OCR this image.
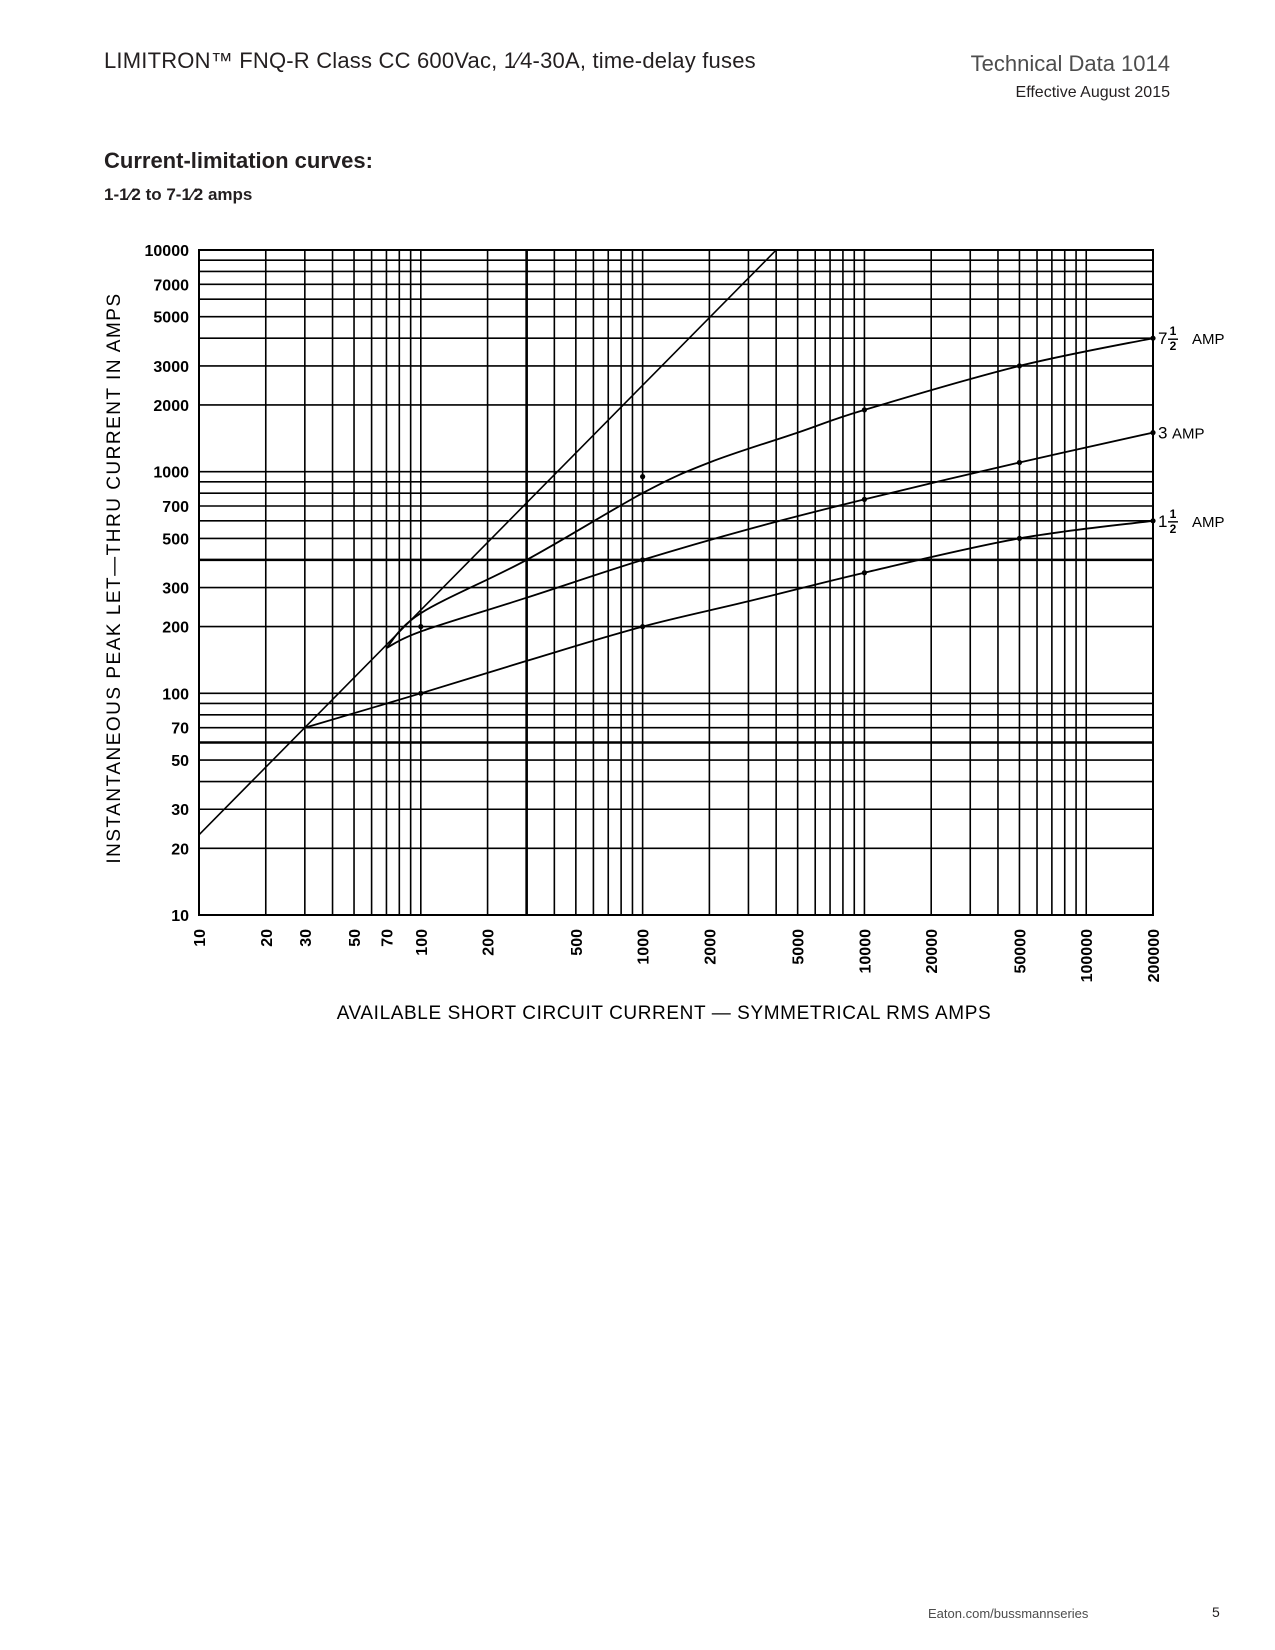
LIMITRON™ FNQ-R Class CC 600Vac, 1⁄4-30A, time-delay fuses	Technical Data 1014
Effective August 2015
Current-limitation curves:
1-1⁄2 to 7-1⁄2 amps
10
20
30
50
70
100
200
300
500
700
1000
2000
3000
5000
7000
10000
10	20 30 50 70 100	200	500	1000	2000	5000	10000	20000	50000	100000	200000
7 1
2 AMP
3 AMP
1 1
2 AMP
AVAILABLE SHORT CIRCUIT CURRENT — SYMMETRICAL RMS AMPS
INSTANTANEOUS PEAK LET—THRU CURRENT IN AMPS
Eaton.com/bussmannseries	5
